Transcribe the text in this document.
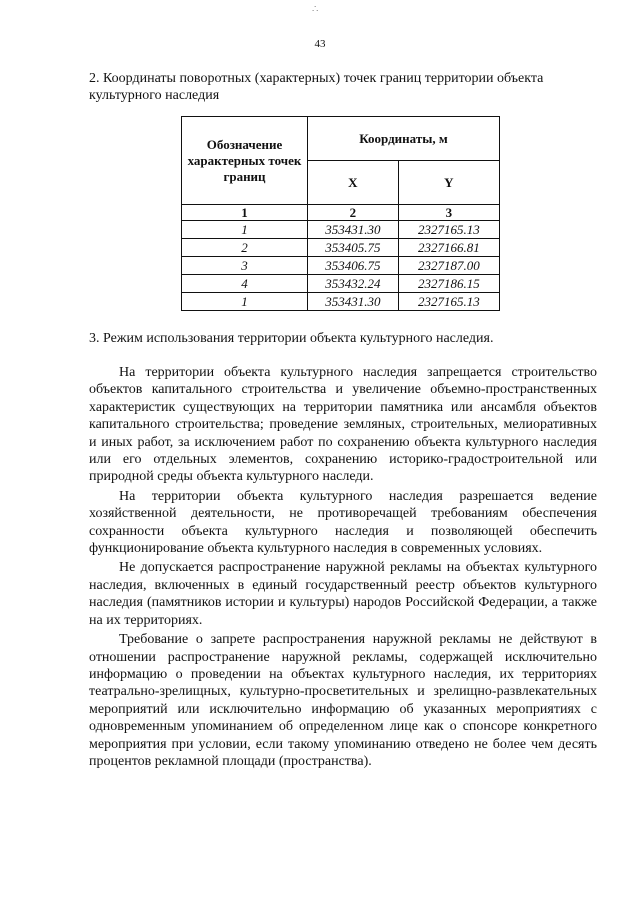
∴
43
2. Координаты поворотных (характерных) точек границ территории объекта культурного наследия
Обозначение характерных точек границ	Координаты, м	
	X	Y
1	2	3
1	353431.30	2327165.13
2	353405.75	2327166.81
3	353406.75	2327187.00
4	353432.24	2327186.15
1	353431.30	2327165.13
3. Режим использования территории объекта культурного наследия.

На территории объекта культурного наследия запрещается строительство объектов капитального строительства и увеличение объемно-пространственных характеристик существующих на территории памятника или ансамбля объектов капитального строительства; проведение земляных, строительных, мелиоративных и иных работ, за исключением работ по сохранению объекта культурного наследия или его отдельных элементов, сохранению историко-градостроительной или природной среды объекта культурного наследи.

На территории объекта культурного наследия разрешается ведение хозяйственной деятельности, не противоречащей требованиям обеспечения сохранности объекта культурного наследия и позволяющей обеспечить функционирование объекта культурного наследия в современных условиях.

Не допускается распространение наружной рекламы на объектах культурного наследия, включенных в единый государственный реестр объектов культурного наследия (памятников истории и культуры) народов Российской Федерации, а также на их территориях.

Требование о запрете распространения наружной рекламы не действуют в отношении распространение наружной рекламы, содержащей исключительно информацию о проведении на объектах культурного наследия, их территориях театрально-зрелищных, культурно-просветительных и зрелищно-развлекательных мероприятий или исключительно информацию об указанных мероприятиях с одновременным упоминанием об определенном лице как о спонсоре конкретного мероприятия при условии, если такому упоминанию отведено не более чем десять процентов рекламной площади (пространства).
